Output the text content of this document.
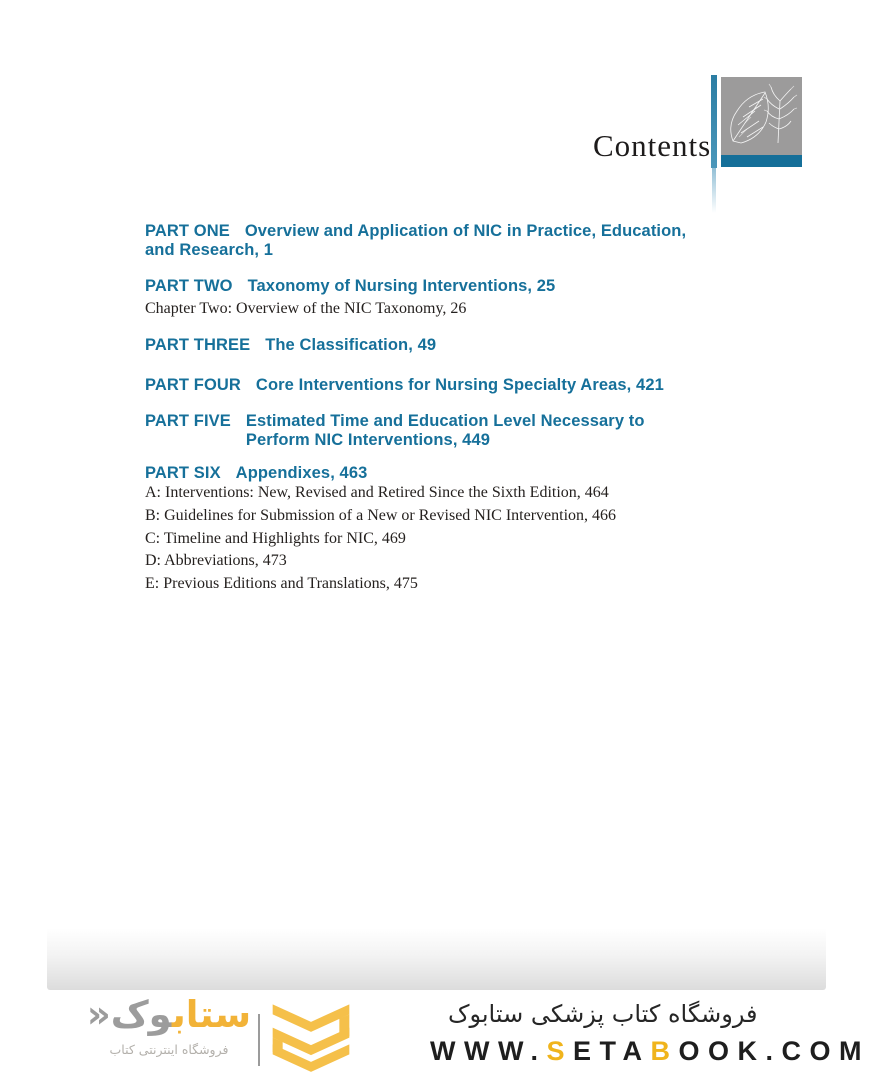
Contents
PART ONE Overview and Application of NIC in Practice, Education,
and Research, 1
PART TWO Taxonomy of Nursing Interventions, 25
Chapter Two: Overview of the NIC Taxonomy, 26
PART THREE The Classification, 49
PART FOUR Core Interventions for Nursing Specialty Areas, 421
PART FIVE Estimated Time and Education Level Necessary to
Perform NIC Interventions, 449
PART SIX Appendixes, 463
A: Interventions: New, Revised and Retired Since the Sixth Edition, 464
B: Guidelines for Submission of a New or Revised NIC Intervention, 466
C: Timeline and Highlights for NIC, 469
D: Abbreviations, 473
E: Previous Editions and Translations, 475
ستابوک«
فروشگاه اینترنتی کتاب
فروشگاه کتاب پزشکی ستابوک
WWW.SETABOOK.COM
